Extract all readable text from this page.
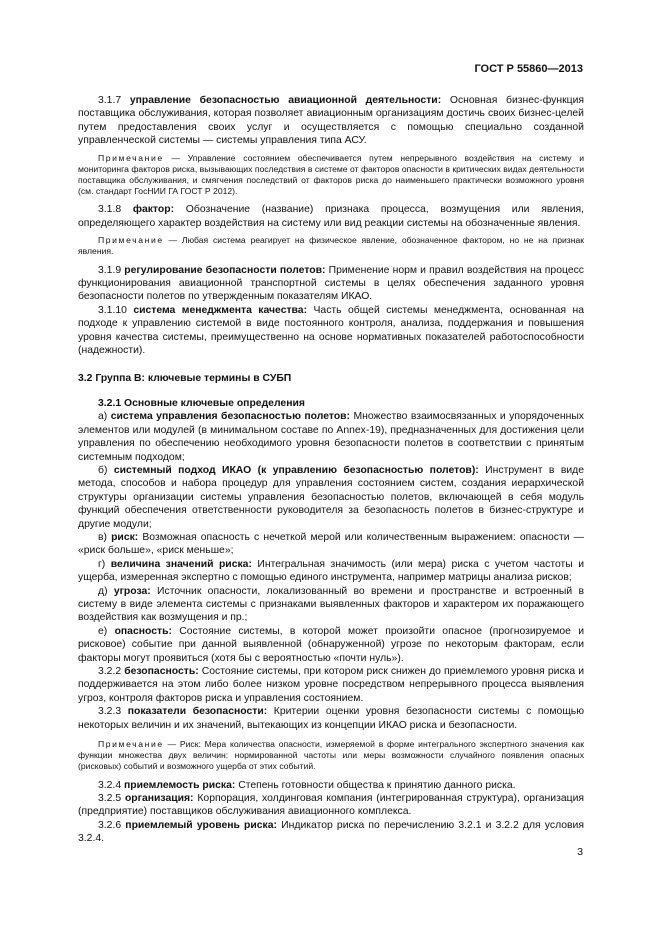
ГОСТ Р 55860—2013

3.1.7 управление безопасностью авиационной деятельности: Основная бизнес-функция поставщика обслуживания, которая позволяет авиационным организациям достичь своих бизнес-целей путем предоставления своих услуг и осуществляется с помощью специально созданной управленческой системы — системы управления типа АСУ.

Примечание — Управление состоянием обеспечивается путем непрерывного воздействия на систему и мониторинга факторов риска, вызывающих последствия в системе от факторов опасности в критических видах деятельности поставщика обслуживания, и смягчения последствий от факторов риска до наименьшего практически возможного уровня (см. стандарт ГосНИИ ГА ГОСТ Р 2012).

3.1.8 фактор: Обозначение (название) признака процесса, возмущения или явления, определяющего характер воздействия на систему или вид реакции системы на обозначенные явления.

Примечание — Любая система реагирует на физическое явление, обозначенное фактором, но не на признак явления.

3.1.9 регулирование безопасности полетов: Применение норм и правил воздействия на процесс функционирования авиационной транспортной системы в целях обеспечения заданного уровня безопасности полетов по утвержденным показателям ИКАО.

3.1.10 система менеджмента качества: Часть общей системы менеджмента, основанная на подходе к управлению системой в виде постоянного контроля, анализа, поддержания и повышения уровня качества системы, преимущественно на основе нормативных показателей работоспособности (надежности).

3.2 Группа В: ключевые термины в СУБП

3.2.1 Основные ключевые определения

а) система управления безопасностью полетов: Множество взаимосвязанных и упорядоченных элементов или модулей (в минимальном составе по Annex-19), предназначенных для достижения цели управления по обеспечению необходимого уровня безопасности полетов в соответствии с принятым системным подходом;

б) системный подход ИКАО (к управлению безопасностью полетов): Инструмент в виде метода, способов и набора процедур для управления состоянием систем, создания иерархической структуры организации системы управления безопасностью полетов, включающей в себя модуль функций обеспечения ответственности руководителя за безопасность полетов в бизнес-структуре и другие модули;

в) риск: Возможная опасность с нечеткой мерой или количественным выражением: опасности — «риск больше», «риск меньше»;

г) величина значений риска: Интегральная значимость (или мера) риска с учетом частоты и ущерба, измеренная экспертно с помощью единого инструмента, например матрицы анализа рисков;

д) угроза: Источник опасности, локализованный во времени и пространстве и встроенный в систему в виде элемента системы с признаками выявленных факторов и характером их поражающего воздействия как возмущения и пр.;

е) опасность: Состояние системы, в которой может произойти опасное (прогнозируемое и рисковое) событие при данной выявленной (обнаруженной) угрозе по некоторым факторам, если факторы могут проявиться (хотя бы с вероятностью «почти нуль»).

3.2.2 безопасность: Состояние системы, при котором риск снижен до приемлемого уровня риска и поддерживается на этом либо более низком уровне посредством непрерывного процесса выявления угроз, контроля факторов риска и управления состоянием.

3.2.3 показатели безопасности: Критерии оценки уровня безопасности системы с помощью некоторых величин и их значений, вытекающих из концепции ИКАО риска и безопасности.

Примечание — Риск: Мера количества опасности, измеряемой в форме интегрального экспертного значения как функции множества двух величин: нормированной частоты или меры возможности случайного появления опасных (рисковых) событий и возможного ущерба от этих событий.

3.2.4 приемлемость риска: Степень готовности общества к принятию данного риска.

3.2.5 организация: Корпорация, холдинговая компания (интегрированная структура), организация (предприятие) поставщиков обслуживания авиационного комплекса.

3.2.6 приемлемый уровень риска: Индикатор риска по перечислению 3.2.1 и 3.2.2 для условия 3.2.4.

3
